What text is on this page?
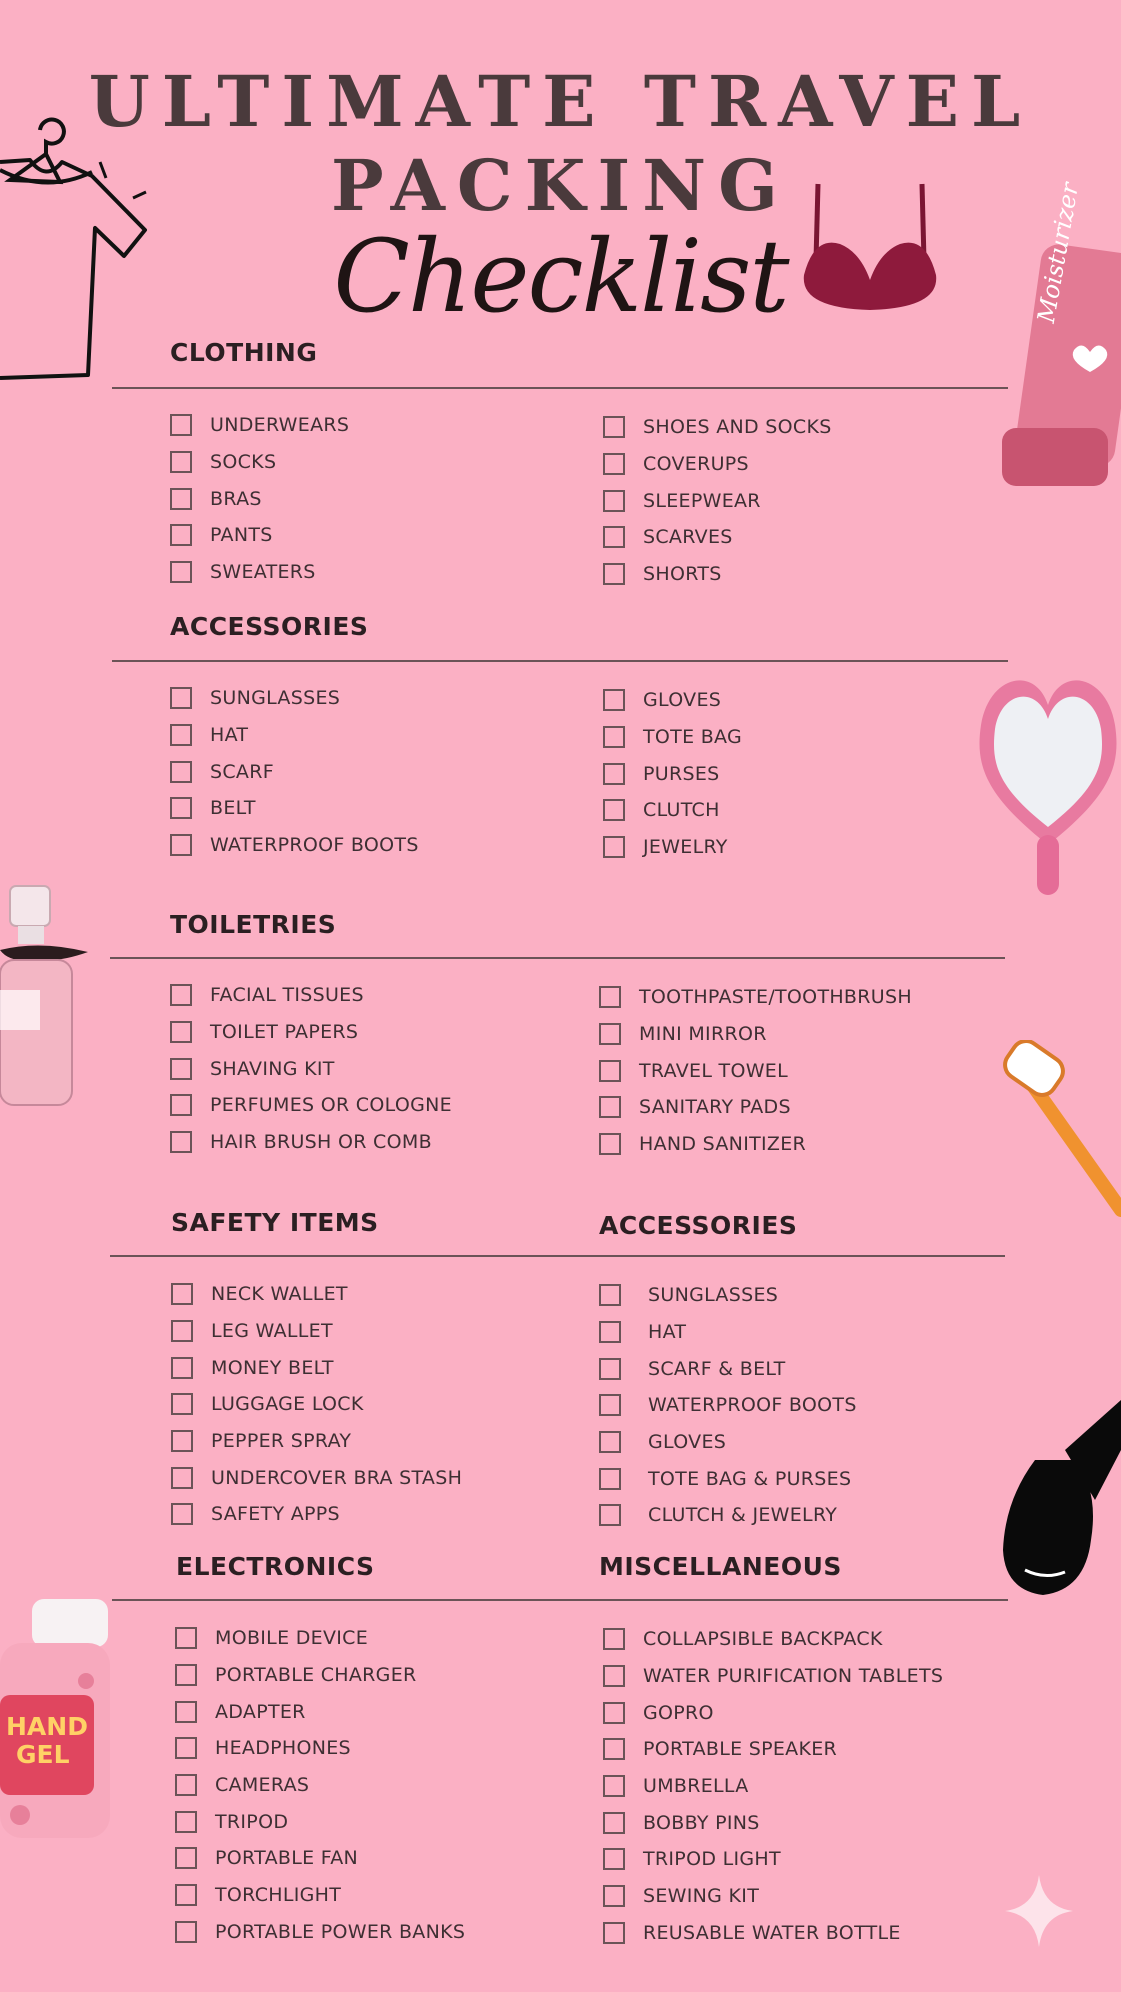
ULTIMATE TRAVEL
PACKING
Checklist	Moisturizer
HAND
GEL
CLOTHING
UNDERWEARS
SOCKS
BRAS
PANTS
SWEATERS
SHOES AND SOCKS
COVERUPS
SLEEPWEAR
SCARVES
SHORTS
ACCESSORIES
SUNGLASSES
HAT
SCARF
BELT
WATERPROOF BOOTS
GLOVES
TOTE BAG
PURSES
CLUTCH
JEWELRY
TOILETRIES
FACIAL TISSUES
TOILET PAPERS
SHAVING KIT
PERFUMES OR COLOGNE
HAIR BRUSH OR COMB
TOOTHPASTE/TOOTHBRUSH
MINI MIRROR
TRAVEL TOWEL
SANITARY PADS
HAND SANITIZER
SAFETY ITEMS	ACCESSORIES
NECK WALLET
LEG WALLET
MONEY BELT
LUGGAGE LOCK
PEPPER SPRAY
UNDERCOVER BRA STASH
SAFETY APPS
SUNGLASSES
HAT
SCARF & BELT
WATERPROOF BOOTS
GLOVES
TOTE BAG & PURSES
CLUTCH & JEWELRY
ELECTRONICS	MISCELLANEOUS
MOBILE DEVICE
PORTABLE CHARGER
ADAPTER
HEADPHONES
CAMERAS
TRIPOD
PORTABLE FAN
TORCHLIGHT
PORTABLE POWER BANKS
COLLAPSIBLE BACKPACK
WATER PURIFICATION TABLETS
GOPRO
PORTABLE SPEAKER
UMBRELLA
BOBBY PINS
TRIPOD LIGHT
SEWING KIT
REUSABLE WATER BOTTLE
